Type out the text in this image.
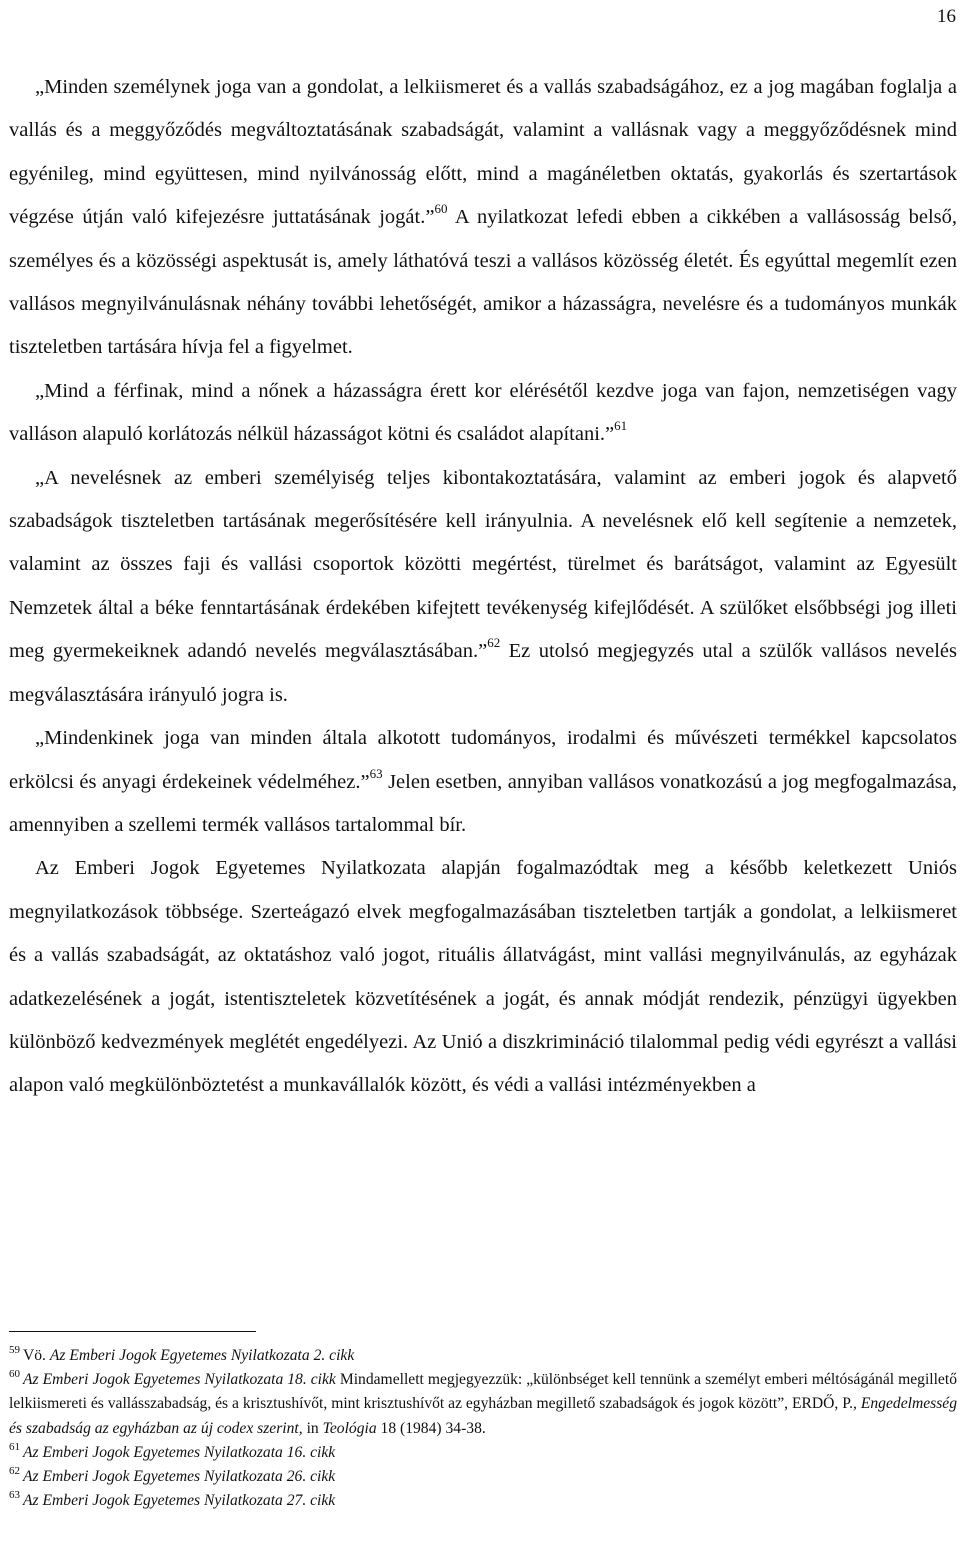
16

„Minden személynek joga van a gondolat, a lelkiismeret és a vallás szabadságához, ez a jog magában foglalja a vallás és a meggyőződés megváltoztatásának szabadságát, valamint a vallásnak vagy a meggyőződésnek mind egyénileg, mind együttesen, mind nyilvánosság előtt, mind a magánéletben oktatás, gyakorlás és szertartások végzése útján való kifejezésre juttatásának jogát.”$^{60}$ A nyilatkozat lefedi ebben a cikkében a vallásosság belső, személyes és a közösségi aspektusát is, amely láthatóvá teszi a vallásos közösség életét. És egyúttal megemlít ezen vallásos megnyilvánulásnak néhány további lehetőségét, amikor a házasságra, nevelésre és a tudományos munkák tiszteletben tartására hívja fel a figyelmet.

„Mind a férfinak, mind a nőnek a házasságra érett kor elérésétől kezdve joga van fajon, nemzetiségen vagy valláson alapuló korlátozás nélkül házasságot kötni és családot alapítani.”$^{61}$

„A nevelésnek az emberi személyiség teljes kibontakoztatására, valamint az emberi jogok és alapvető szabadságok tiszteletben tartásának megerősítésére kell irányulnia. A nevelésnek elő kell segítenie a nemzetek, valamint az összes faji és vallási csoportok közötti megértést, türelmet és barátságot, valamint az Egyesült Nemzetek által a béke fenntartásának érdekében kifejtett tevékenység kifejlődését. A szülőket elsőbbségi jog illeti meg gyermekeiknek adandó nevelés megválasztásában.”$^{62}$ Ez utolsó megjegyzés utal a szülők vallásos nevelés megválasztására irányuló jogra is.

„Mindenkinek joga van minden általa alkotott tudományos, irodalmi és művészeti termékkel kapcsolatos erkölcsi és anyagi érdekeinek védelméhez.”$^{63}$ Jelen esetben, annyiban vallásos vonatkozású a jog megfogalmazása, amennyiben a szellemi termék vallásos tartalommal bír.

Az Emberi Jogok Egyetemes Nyilatkozata alapján fogalmazódtak meg a később keletkezett Uniós megnyilatkozások többsége. Szerteágazó elvek megfogalmazásában tiszteletben tartják a gondolat, a lelkiismeret és a vallás szabadságát, az oktatáshoz való jogot, rituális állatvágást, mint vallási megnyilvánulás, az egyházak adatkezelésének a jogát, istentiszteletek közvetítésének a jogát, és annak módját rendezik, pénzügyi ügyekben különböző kedvezmények meglétét engedélyezi. Az Unió a diszkrimináció tilalommal pedig védi egyrészt a vallási alapon való megkülönböztetést a munkavállalók között, és védi a vallási intézményekben a

$^{59}$ Vö. Az Emberi Jogok Egyetemes Nyilatkozata 2. cikk

$^{60}$ Az Emberi Jogok Egyetemes Nyilatkozata 18. cikk Mindamellett megjegyezzük: „különbséget kell tennünk a személyt emberi méltóságánál megillető lelkiismereti és vallásszabadság, és a krisztushívőt, mint krisztushívőt az egyházban megillető szabadságok és jogok között”, ERDŐ, P., Engedelmesség és szabadság az egyházban az új codex szerint, in Teológia 18 (1984) 34-38.

$^{61}$ Az Emberi Jogok Egyetemes Nyilatkozata 16. cikk

$^{62}$ Az Emberi Jogok Egyetemes Nyilatkozata 26. cikk

$^{63}$ Az Emberi Jogok Egyetemes Nyilatkozata 27. cikk
